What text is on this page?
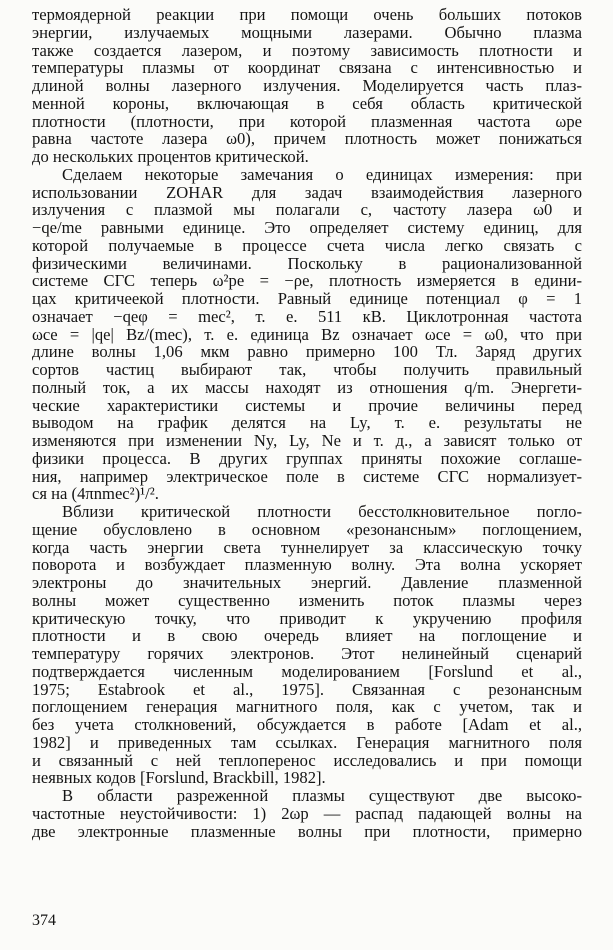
термоядерной реакции при помощи очень больших потоков
энергии, излучаемых мощными лазерами. Обычно плазма
также создается лазером, и поэтому зависимость плотности и
температуры плазмы от координат связана с интенсивностью и
длиной волны лазерного излучения. Моделируется часть плаз-
менной короны, включающая в себя область критической
плотности (плотности, при которой плазменная частота ωpe
равна частоте лазера ω0), причем плотность может понижаться
до нескольких процентов критической.
Сделаем некоторые замечания о единицах измерения: при
использовании ZOHAR для задач взаимодействия лазерного
излучения с плазмой мы полагали c, частоту лазера ω0 и
−qe/me равными единице. Это определяет систему единиц, для
которой получаемые в процессе счета числа легко связать с
физическими величинами. Поскольку в рационализованной
системе СГС теперь ω²pe = −ρe, плотность измеряется в едини-
цах критичеекой плотности. Равный единице потенциал φ = 1
означает −qeφ = mec², т. е. 511 кВ. Циклотронная частота
ωce = |qe| Bz/(mec), т. е. единица Bz означает ωce = ω0, что при
длине волны 1,06 мкм равно примерно 100 Тл. Заряд других
сортов частиц выбирают так, чтобы получить правильный
полный ток, а их массы находят из отношения q/m. Энергети-
ческие характеристики системы и прочие величины перед
выводом на график делятся на Ly, т. е. результаты не
изменяются при изменении Ny, Ly, Ne и т. д., а зависят только от
физики процесса. В других группах приняты похожие соглаше-
ния, например электрическое поле в системе СГС нормализует-
ся на (4πnmec²)¹/².
Вблизи критической плотности бесстолкновительное погло-
щение обусловлено в основном «резонансным» поглощением,
когда часть энергии света туннелирует за классическую точку
поворота и возбуждает плазменную волну. Эта волна ускоряет
электроны до значительных энергий. Давление плазменной
волны может существенно изменить поток плазмы через
критическую точку, что приводит к укручению профиля
плотности и в свою очередь влияет на поглощение и
температуру горячих электронов. Этот нелинейный сценарий
подтверждается численным моделированием [Forslund et al.,
1975; Estabrook et al., 1975]. Связанная с резонансным
поглощением генерация магнитного поля, как с учетом, так и
без учета столкновений, обсуждается в работе [Adam et al.,
1982] и приведенных там ссылках. Генерация магнитного поля
и связанный с ней теплоперенос исследовались и при помощи
неявных кодов [Forslund, Brackbill, 1982].
В области разреженной плазмы существуют две высоко-
частотные неустойчивости: 1) 2ωp — распад падающей волны на
две электронные плазменные волны при плотности, примерно
374
